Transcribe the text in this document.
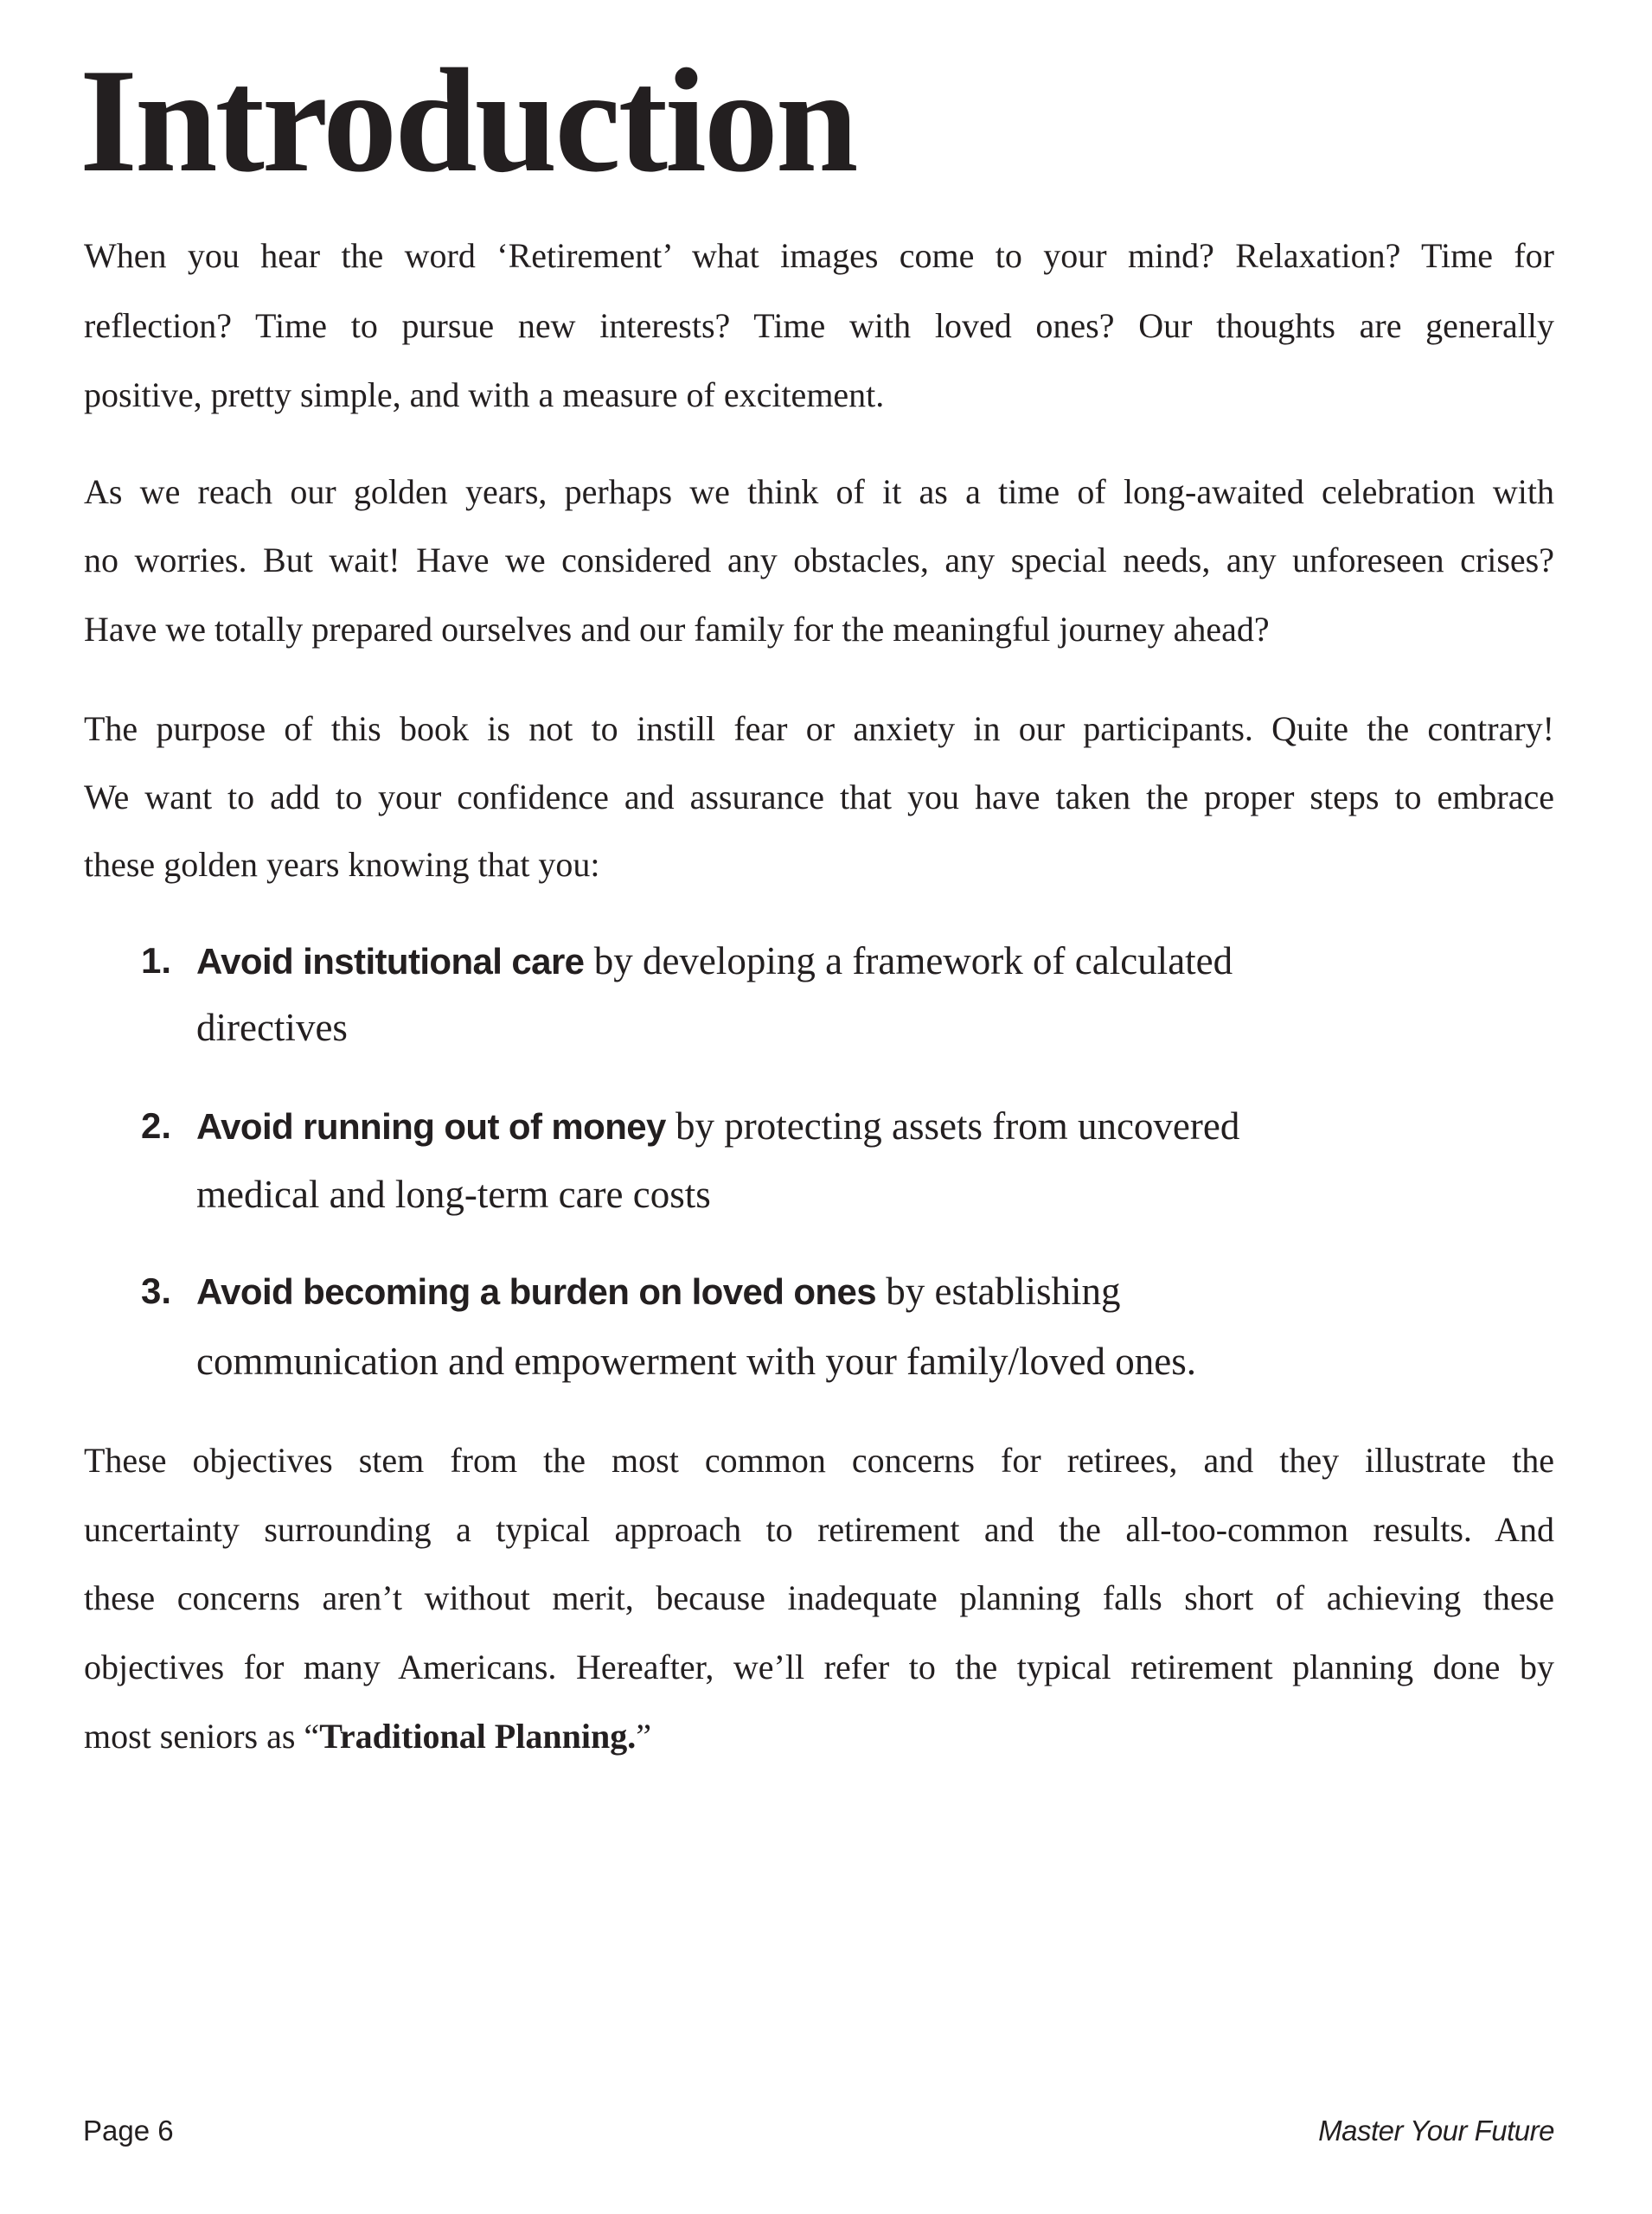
Introduction
When you hear the word ‘Retirement’ what images come to your mind? Relaxation? Time for
reflection? Time to pursue new interests? Time with loved ones? Our thoughts are generally
positive, pretty simple, and with a measure of excitement.
As we reach our golden years, perhaps we think of it as a time of long-awaited celebration with
no worries. But wait! Have we considered any obstacles, any special needs, any unforeseen crises?
Have we totally prepared ourselves and our family for the meaningful journey ahead?
The purpose of this book is not to instill fear or anxiety in our participants. Quite the contrary!
We want to add to your confidence and assurance that you have taken the proper steps to embrace
these golden years knowing that you:
1. Avoid institutional care by developing a framework of calculated
directives
2. Avoid running out of money by protecting assets from uncovered
medical and long-term care costs
3. Avoid becoming a burden on loved ones by establishing
communication and empowerment with your family/loved ones.
These objectives stem from the most common concerns for retirees, and they illustrate the
uncertainty surrounding a typical approach to retirement and the all-too-common results. And
these concerns aren’t without merit, because inadequate planning falls short of achieving these
objectives for many Americans. Hereafter, we’ll refer to the typical retirement planning done by
most seniors as “Traditional Planning.”
Page 6	Master Your Future
